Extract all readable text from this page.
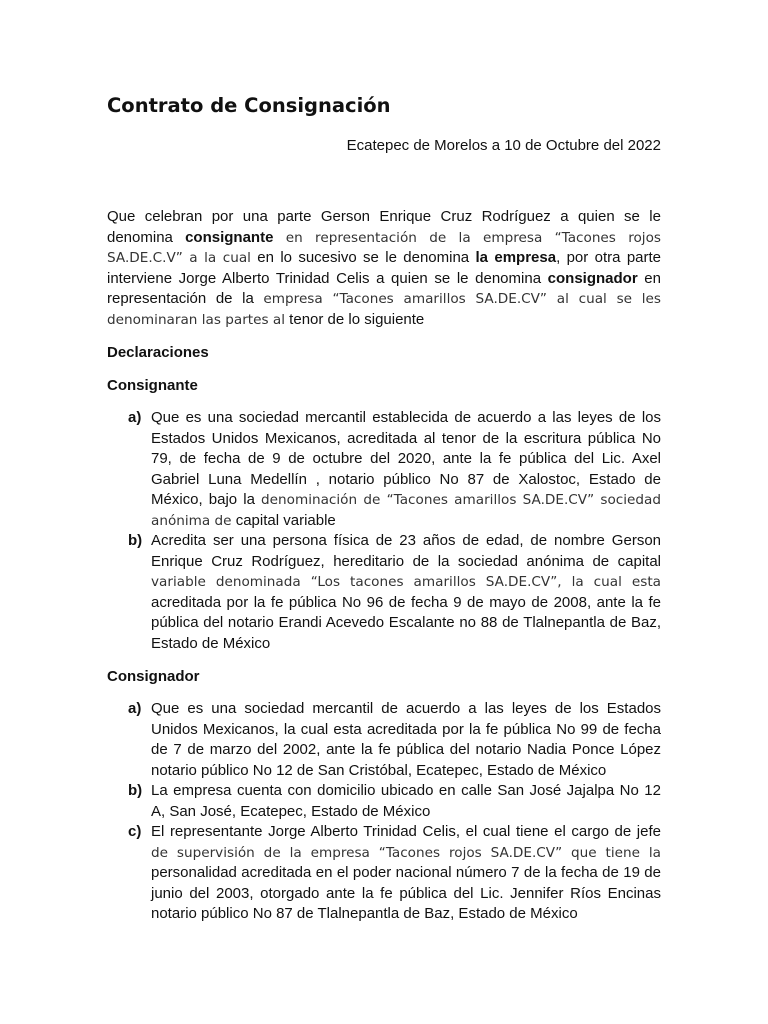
Contrato de Consignación
Ecatepec de Morelos a 10 de Octubre del 2022

Que celebran por una parte Gerson Enrique Cruz Rodríguez a quien se le denomina consignante en representación de la empresa “Tacones rojos SA.DE.C.V” a la cual en lo sucesivo se le denomina la empresa, por otra parte interviene Jorge Alberto Trinidad Celis a quien se le denomina consignador en representación de la empresa “Tacones amarillos SA.DE.CV” al cual se les denominaran las partes al tenor de lo siguiente

Declaraciones
Consignante
a) Que es una sociedad mercantil establecida de acuerdo a las leyes de los Estados Unidos Mexicanos, acreditada al tenor de la escritura pública No 79, de fecha de 9 de octubre del 2020, ante la fe pública del Lic. Axel Gabriel Luna Medellín , notario público No 87 de Xalostoc, Estado de México, bajo la denominación de “Tacones amarillos SA.DE.CV” sociedad anónima de capital variable
b) Acredita ser una persona física de 23 años de edad, de nombre Gerson Enrique Cruz Rodríguez, hereditario de la sociedad anónima de capital variable denominada “Los tacones amarillos SA.DE.CV”, la cual esta acreditada por la fe pública No 96 de fecha 9 de mayo de 2008, ante la fe pública del notario Erandi Acevedo Escalante no 88 de Tlalnepantla de Baz, Estado de México
Consignador
a) Que es una sociedad mercantil de acuerdo a las leyes de los Estados Unidos Mexicanos, la cual esta acreditada por la fe pública No 99 de fecha de 7 de marzo del 2002, ante la fe pública del notario Nadia Ponce López notario público No 12 de San Cristóbal, Ecatepec, Estado de México
b) La empresa cuenta con domicilio ubicado en calle San José Jajalpa No 12 A, San José, Ecatepec, Estado de México
c) El representante Jorge Alberto Trinidad Celis, el cual tiene el cargo de jefe de supervisión de la empresa “Tacones rojos SA.DE.CV” que tiene la personalidad acreditada en el poder nacional número 7 de la fecha de 19 de junio del 2003, otorgado ante la fe pública del Lic. Jennifer Ríos Encinas notario público No 87 de Tlalnepantla de Baz, Estado de México
